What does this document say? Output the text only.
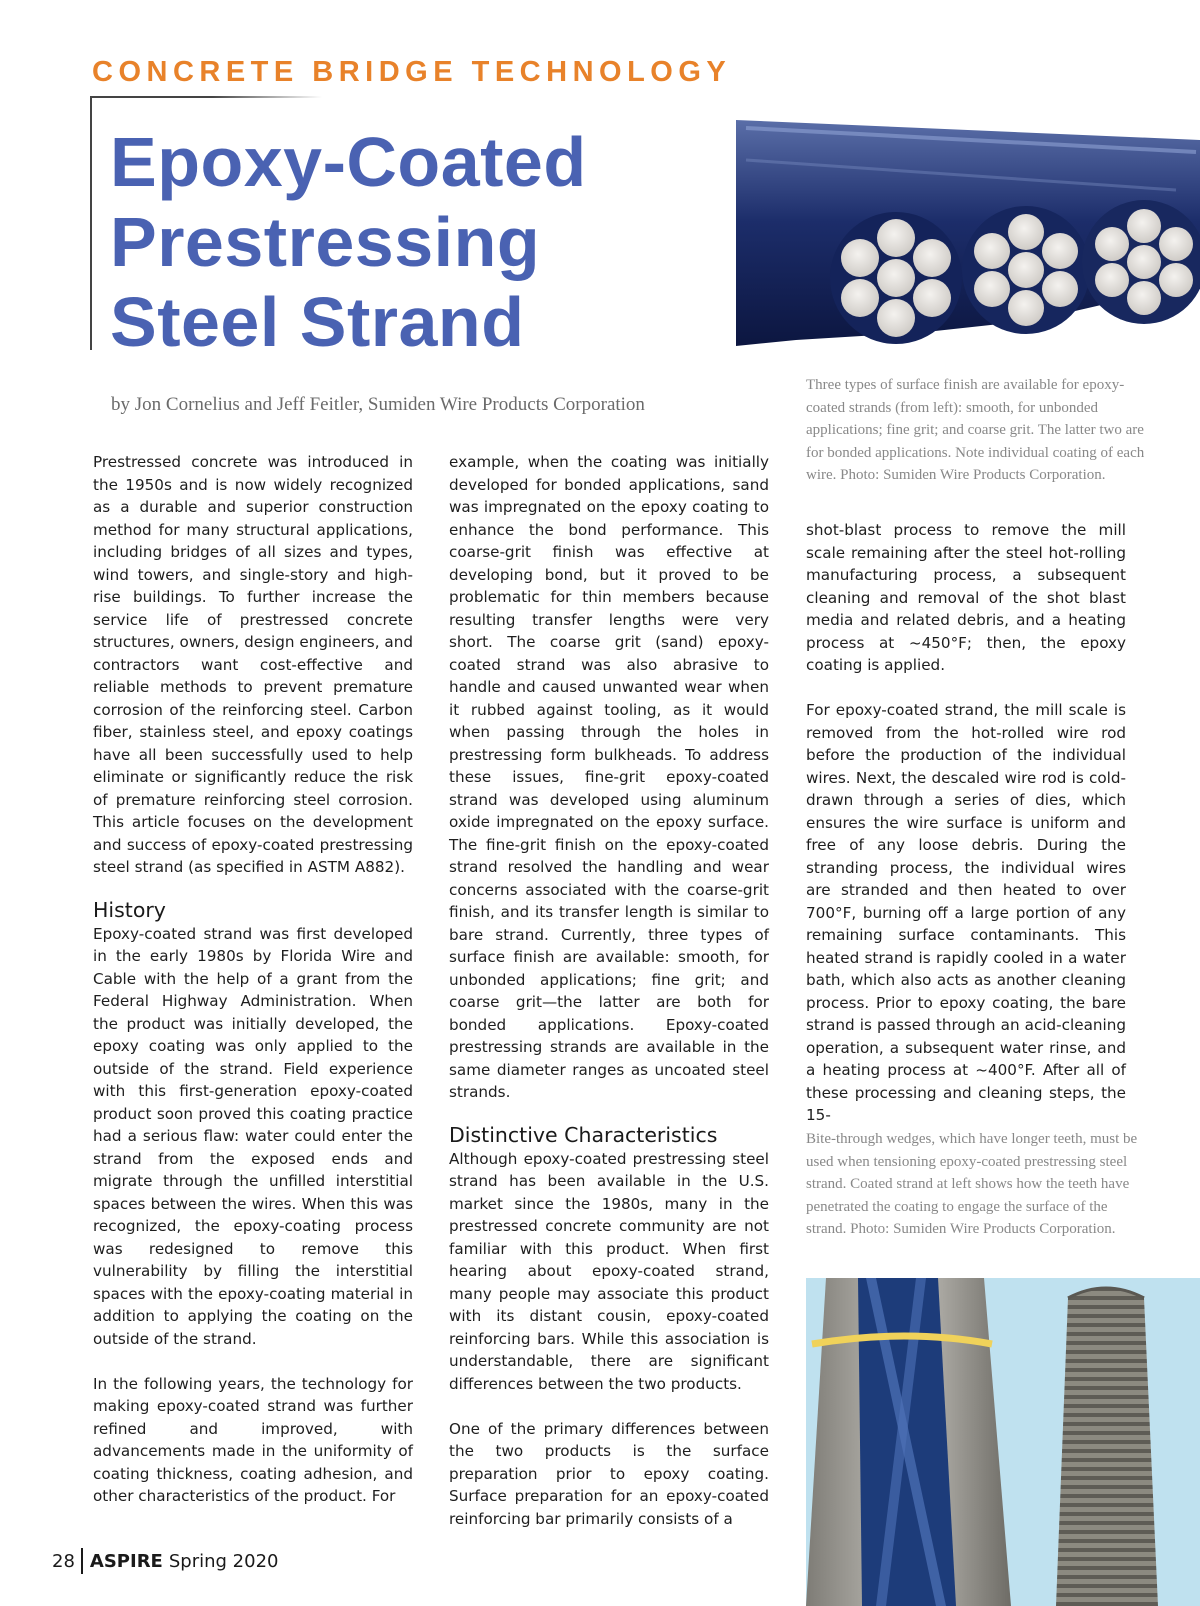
CONCRETE BRIDGE TECHNOLOGY
Epoxy-Coated
Prestressing
Steel Strand
by Jon Cornelius and Jeff Feitler, Sumiden Wire Products Corporation
Three types of surface finish are available for epoxy-coated strands (from left): smooth, for unbonded applications; fine grit; and coarse grit. The latter two are for bonded applications. Note individual coating of each wire. Photo: Sumiden Wire Products Corporation.

Prestressed concrete was introduced in the 1950s and is now widely recognized as a durable and superior construction method for many structural applications, including bridges of all sizes and types, wind towers, and single-story and high-rise buildings. To further increase the service life of prestressed concrete structures, owners, design engineers, and contractors want cost-effective and reliable methods to prevent premature corrosion of the reinforcing steel. Carbon fiber, stainless steel, and epoxy coatings have all been successfully used to help eliminate or significantly reduce the risk of premature reinforcing steel corrosion. This article focuses on the development and success of epoxy-coated prestressing steel strand (as specified in ASTM A882).

History

Epoxy-coated strand was first developed in the early 1980s by Florida Wire and Cable with the help of a grant from the Federal Highway Administration. When the product was initially developed, the epoxy coating was only applied to the outside of the strand. Field experience with this first-generation epoxy-coated product soon proved this coating practice had a serious flaw: water could enter the strand from the exposed ends and migrate through the unfilled interstitial spaces between the wires. When this was recognized, the epoxy-coating process was redesigned to remove this vulnerability by filling the interstitial spaces with the epoxy-coating material in addition to applying the coating on the outside of the strand.

In the following years, the technology for making epoxy-coated strand was further refined and improved, with advancements made in the uniformity of coating thickness, coating adhesion, and other characteristics of the product. For

example, when the coating was initially developed for bonded applications, sand was impregnated on the epoxy coating to enhance the bond performance. This coarse-grit finish was effective at developing bond, but it proved to be problematic for thin members because resulting transfer lengths were very short. The coarse grit (sand) epoxy-coated strand was also abrasive to handle and caused unwanted wear when it rubbed against tooling, as it would when passing through the holes in prestressing form bulkheads. To address these issues, fine-grit epoxy-coated strand was developed using aluminum oxide impregnated on the epoxy surface. The fine-grit finish on the epoxy-coated strand resolved the handling and wear concerns associated with the coarse-grit finish, and its transfer length is similar to bare strand. Currently, three types of surface finish are available: smooth, for unbonded applications; fine grit; and coarse grit—the latter are both for bonded applications. Epoxy-coated prestressing strands are available in the same diameter ranges as uncoated steel strands.

Distinctive Characteristics

Although epoxy-coated prestressing steel strand has been available in the U.S. market since the 1980s, many in the prestressed concrete community are not familiar with this product. When first hearing about epoxy-coated strand, many people may associate this product with its distant cousin, epoxy-coated reinforcing bars. While this association is understandable, there are significant differences between the two products.

One of the primary differences between the two products is the surface preparation prior to epoxy coating. Surface preparation for an epoxy-coated reinforcing bar primarily consists of a

shot-blast process to remove the mill scale remaining after the steel hot-rolling manufacturing process, a subsequent cleaning and removal of the shot blast media and related debris, and a heating process at ~450°F; then, the epoxy coating is applied.

For epoxy-coated strand, the mill scale is removed from the hot-rolled wire rod before the production of the individual wires. Next, the descaled wire rod is cold-drawn through a series of dies, which ensures the wire surface is uniform and free of any loose debris. During the stranding process, the individual wires are stranded and then heated to over 700°F, burning off a large portion of any remaining surface contaminants. This heated strand is rapidly cooled in a water bath, which also acts as another cleaning process. Prior to epoxy coating, the bare strand is passed through an acid-cleaning operation, a subsequent water rinse, and a heating process at ~400°F. After all of these processing and cleaning steps, the 15-

Bite-through wedges, which have longer teeth, must be used when tensioning epoxy-coated prestressing steel strand. Coated strand at left shows how the teeth have penetrated the coating to engage the surface of the strand. Photo: Sumiden Wire Products Corporation.
28 ASPIRE Spring 2020
